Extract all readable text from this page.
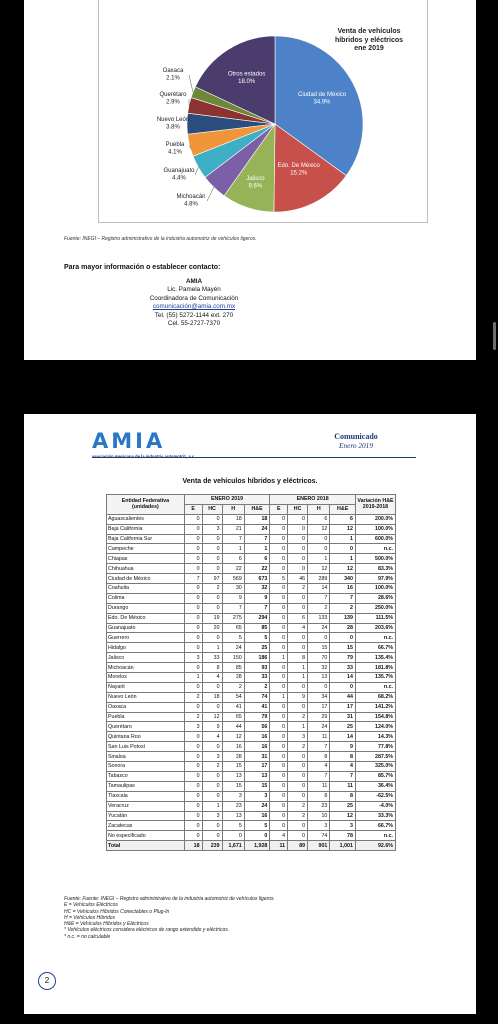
Ciudad de México
34.9%
Edo. De México
15.2%
Jalisco
9.6%
Michoacán
4.8%
Guanajuato
4.4%
Puebla
4.1%
Nuevo León
3.8%
Querétaro
2.9%
Oaxaca
2.1%
Otros estados
18.0%
Venta de vehículos
híbridos y eléctricos
ene 2019
Fuente: INEGI – Registro administrativo de la industria automotriz de vehículos ligeros.
Para mayor información o establecer contacto:
AMIA
Lic. Pamela Mayén
Coordinadora de Comunicación
comunicación@amia.com.mx
Tel. (55) 5272-1144 ext. 270
Cel. 55-2727-7370
AMIA	Comunicado
Enero 2019
Venta de vehículos híbridos y eléctricos.
Entidad Federativa (unidades)	ENERO 2019				ENERO 2018				Variación H&E 2019-2018
	E	HC	H	H&E	E	HC	H	H&E	
Aguascalientes	0	0	18	18	0	0	6	6	200.0%
Baja California	0	3	21	24	0	0	12	12	100.0%
Baja California Sur	0	0	7	7	0	0	0	1	600.0%
Campeche	0	0	1	1	0	0	0	0	n.c.
Chiapas	0	0	6	6	0	0	1	1	500.0%
Chihuahua	0	0	22	22	0	0	12	12	83.3%
Ciudad de México	7	97	569	673	5	46	289	340	97.9%
Coahuila	0	2	30	32	0	2	14	16	100.0%
Colima	0	0	9	9	0	0	7	7	28.6%
Durango	0	0	7	7	0	0	2	2	250.0%
Edo. De México	0	19	275	294	0	6	133	139	111.5%
Guanajuato	0	20	65	85	0	4	24	28	203.6%
Guerrero	0	0	5	5	0	0	0	0	n.c.
Hidalgo	0	1	24	25	0	0	15	15	66.7%
Jalisco	3	33	150	186	1	8	70	79	135.4%
Michoacán	0	8	85	93	0	1	32	33	181.8%
Morelos	1	4	28	33	0	1	13	14	135.7%
Nayarit	0	0	2	2	0	0	0	0	n.c.
Nuevo León	2	18	54	74	1	9	34	44	68.2%
Oaxaca	0	0	41	41	0	0	17	17	141.2%
Puebla	2	12	65	79	0	2	29	31	154.8%
Querétaro	3	9	44	56	0	1	24	25	124.0%
Quintana Roo	0	4	12	16	0	3	11	14	14.3%
San Luis Potosí	0	0	16	16	0	2	7	9	77.8%
Sinaloa	0	3	28	31	0	0	8	8	287.5%
Sonora	0	2	15	17	0	0	4	4	325.0%
Tabasco	0	0	13	13	0	0	7	7	85.7%
Tamaulipas	0	0	15	15	0	0	11	11	36.4%
Tlaxcala	0	0	3	3	0	0	8	8	-62.5%
Veracruz	0	1	23	24	0	2	23	25	-4.0%
Yucatán	0	3	13	16	0	2	10	12	33.3%
Zacatecas	0	0	5	5	0	0	3	3	66.7%
No especificado	0	0	0	0	4	0	74	78	n.c.
Total	18	239	1,671	1,928	11	89	901	1,001	92.6%
Fuente: Fuente: INEGI – Registro administrativo de la industria automotriz de vehículos ligeros.
E = Vehículos Eléctricos
HC = Vehículos Híbridos Conectables o Plug-In
H = Vehículos Híbridos
H&E = Vehículos Híbridos y Eléctricos
* Vehículos eléctricos considera eléctricos de rango extendido y eléctricos.
* n.c. = no calculable
2
